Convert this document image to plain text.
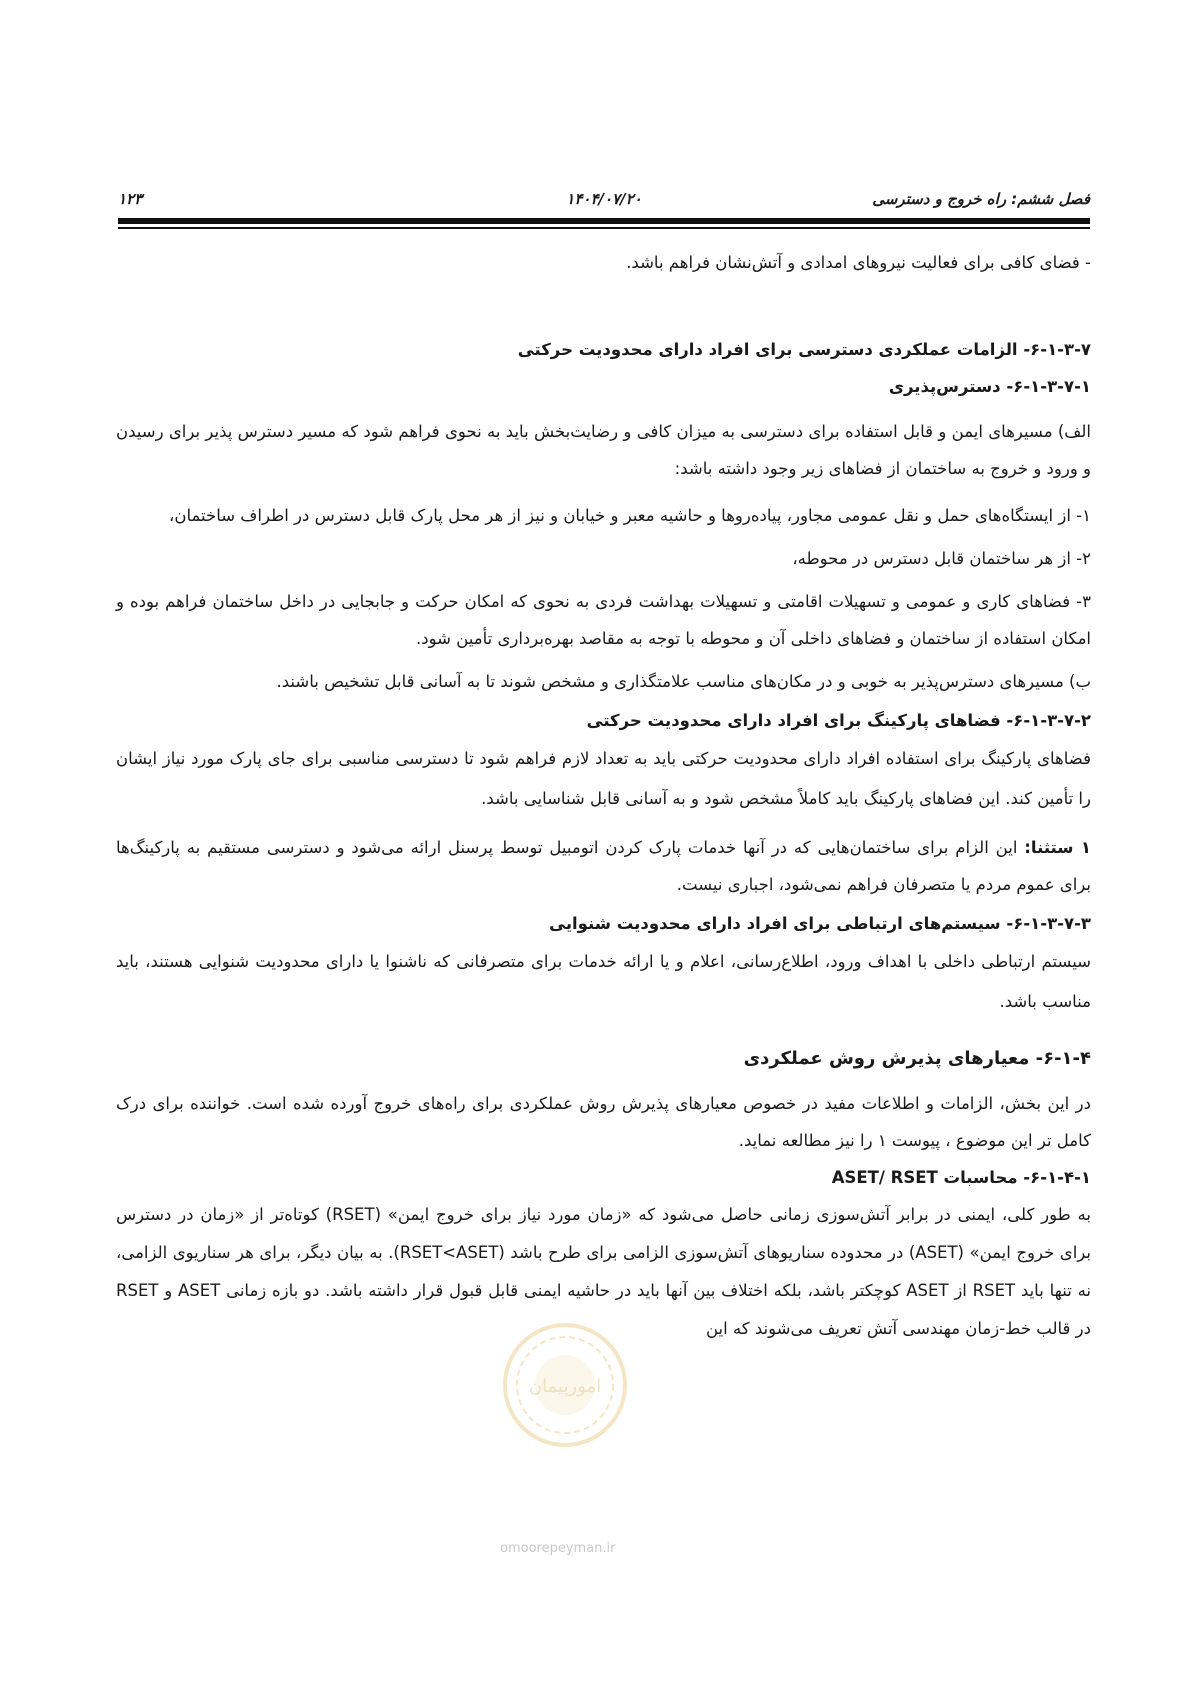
فصل ششم: راه خروج و دسترسی
۱۴۰۴/۰۷/۲۰
۱۲۳

- فضای کافی برای فعالیت نیروهای امدادی و آتش‌نشان فراهم باشد.

۶-۱-۳-۷- الزامات عملکردی دسترسی برای افراد دارای محدودیت حرکتی

۶-۱-۳-۷-۱- دسترس‌پذیری

الف) مسیرهای ایمن و قابل استفاده برای دسترسی به میزان کافی و رضایت‌بخش باید به نحوی فراهم شود که مسیر دسترس پذیر برای رسیدن و ورود و خروج به ساختمان از فضاهای زیر وجود داشته باشد:

۱- از ایستگاه‌های حمل و نقل عمومی مجاور، پیاده‌روها و حاشیه معبر و خیابان و نیز از هر محل پارک قابل دسترس در اطراف ساختمان،

۲- از هر ساختمان قابل دسترس در محوطه،

۳- فضاهای کاری و عمومی و تسهیلات اقامتی و تسهیلات بهداشت فردی به نحوی که امکان حرکت و جابجایی در داخل ساختمان فراهم بوده و امکان استفاده از ساختمان و فضاهای داخلی آن و محوطه با توجه به مقاصد بهره‌برداری تأمین شود.

ب) مسیرهای دسترس‌پذیر به خوبی و در مکان‌های مناسب علامتگذاری و مشخص شوند تا به آسانی قابل تشخیص باشند.

۶-۱-۳-۷-۲- فضاهای پارکینگ برای افراد دارای محدودیت حرکتی

فضاهای پارکینگ برای استفاده افراد دارای محدودیت حرکتی باید به تعداد لازم فراهم شود تا دسترسی مناسبی برای جای پارک مورد نیاز ایشان را تأمین کند. این فضاهای پارکینگ باید کاملاً مشخص شود و به آسانی قابل شناسایی باشد.

۱ ستثنا: این الزام برای ساختمان‌هایی که در آنها خدمات پارک کردن اتومبیل توسط پرسنل ارائه می‌شود و دسترسی مستقیم به پارکینگ‌ها برای عموم مردم یا متصرفان فراهم نمی‌شود، اجباری نیست.

۶-۱-۳-۷-۳- سیستم‌های ارتباطی برای افراد دارای محدودیت شنوایی

سیستم ارتباطی داخلی با اهداف ورود، اطلاع‌رسانی، اعلام و یا ارائه خدمات برای متصرفانی که ناشنوا یا دارای محدودیت شنوایی هستند، باید مناسب باشد.

۶-۱-۴- معیارهای پذیرش روش عملکردی

در این بخش، الزامات و اطلاعات مفید در خصوص معیارهای پذیرش روش عملکردی برای راه‌های خروج آورده شده است. خواننده برای درک کامل تر این موضوع ، پیوست ۱ را نیز مطالعه نماید.

۶-۱-۴-۱- محاسبات ASET/ RSET

به طور کلی، ایمنی در برابر آتش‌سوزی زمانی حاصل می‌شود که «زمان مورد نیاز برای خروج ایمن» (RSET) کوتاه‌تر از «زمان در دسترس برای خروج ایمن» (ASET) در محدوده سناریوهای آتش‌سوزی الزامی برای طرح باشد (RSET<ASET). به بیان دیگر، برای هر سناریوی الزامی، نه تنها باید RSET از ASET کوچکتر باشد، بلکه اختلاف بین آنها باید در حاشیه ایمنی قابل قبول قرار داشته باشد. دو بازه زمانی ASET و RSET در قالب خط-زمان مهندسی آتش تعریف می‌شوند که این

امورپیمان
omoorepeyman.ir
